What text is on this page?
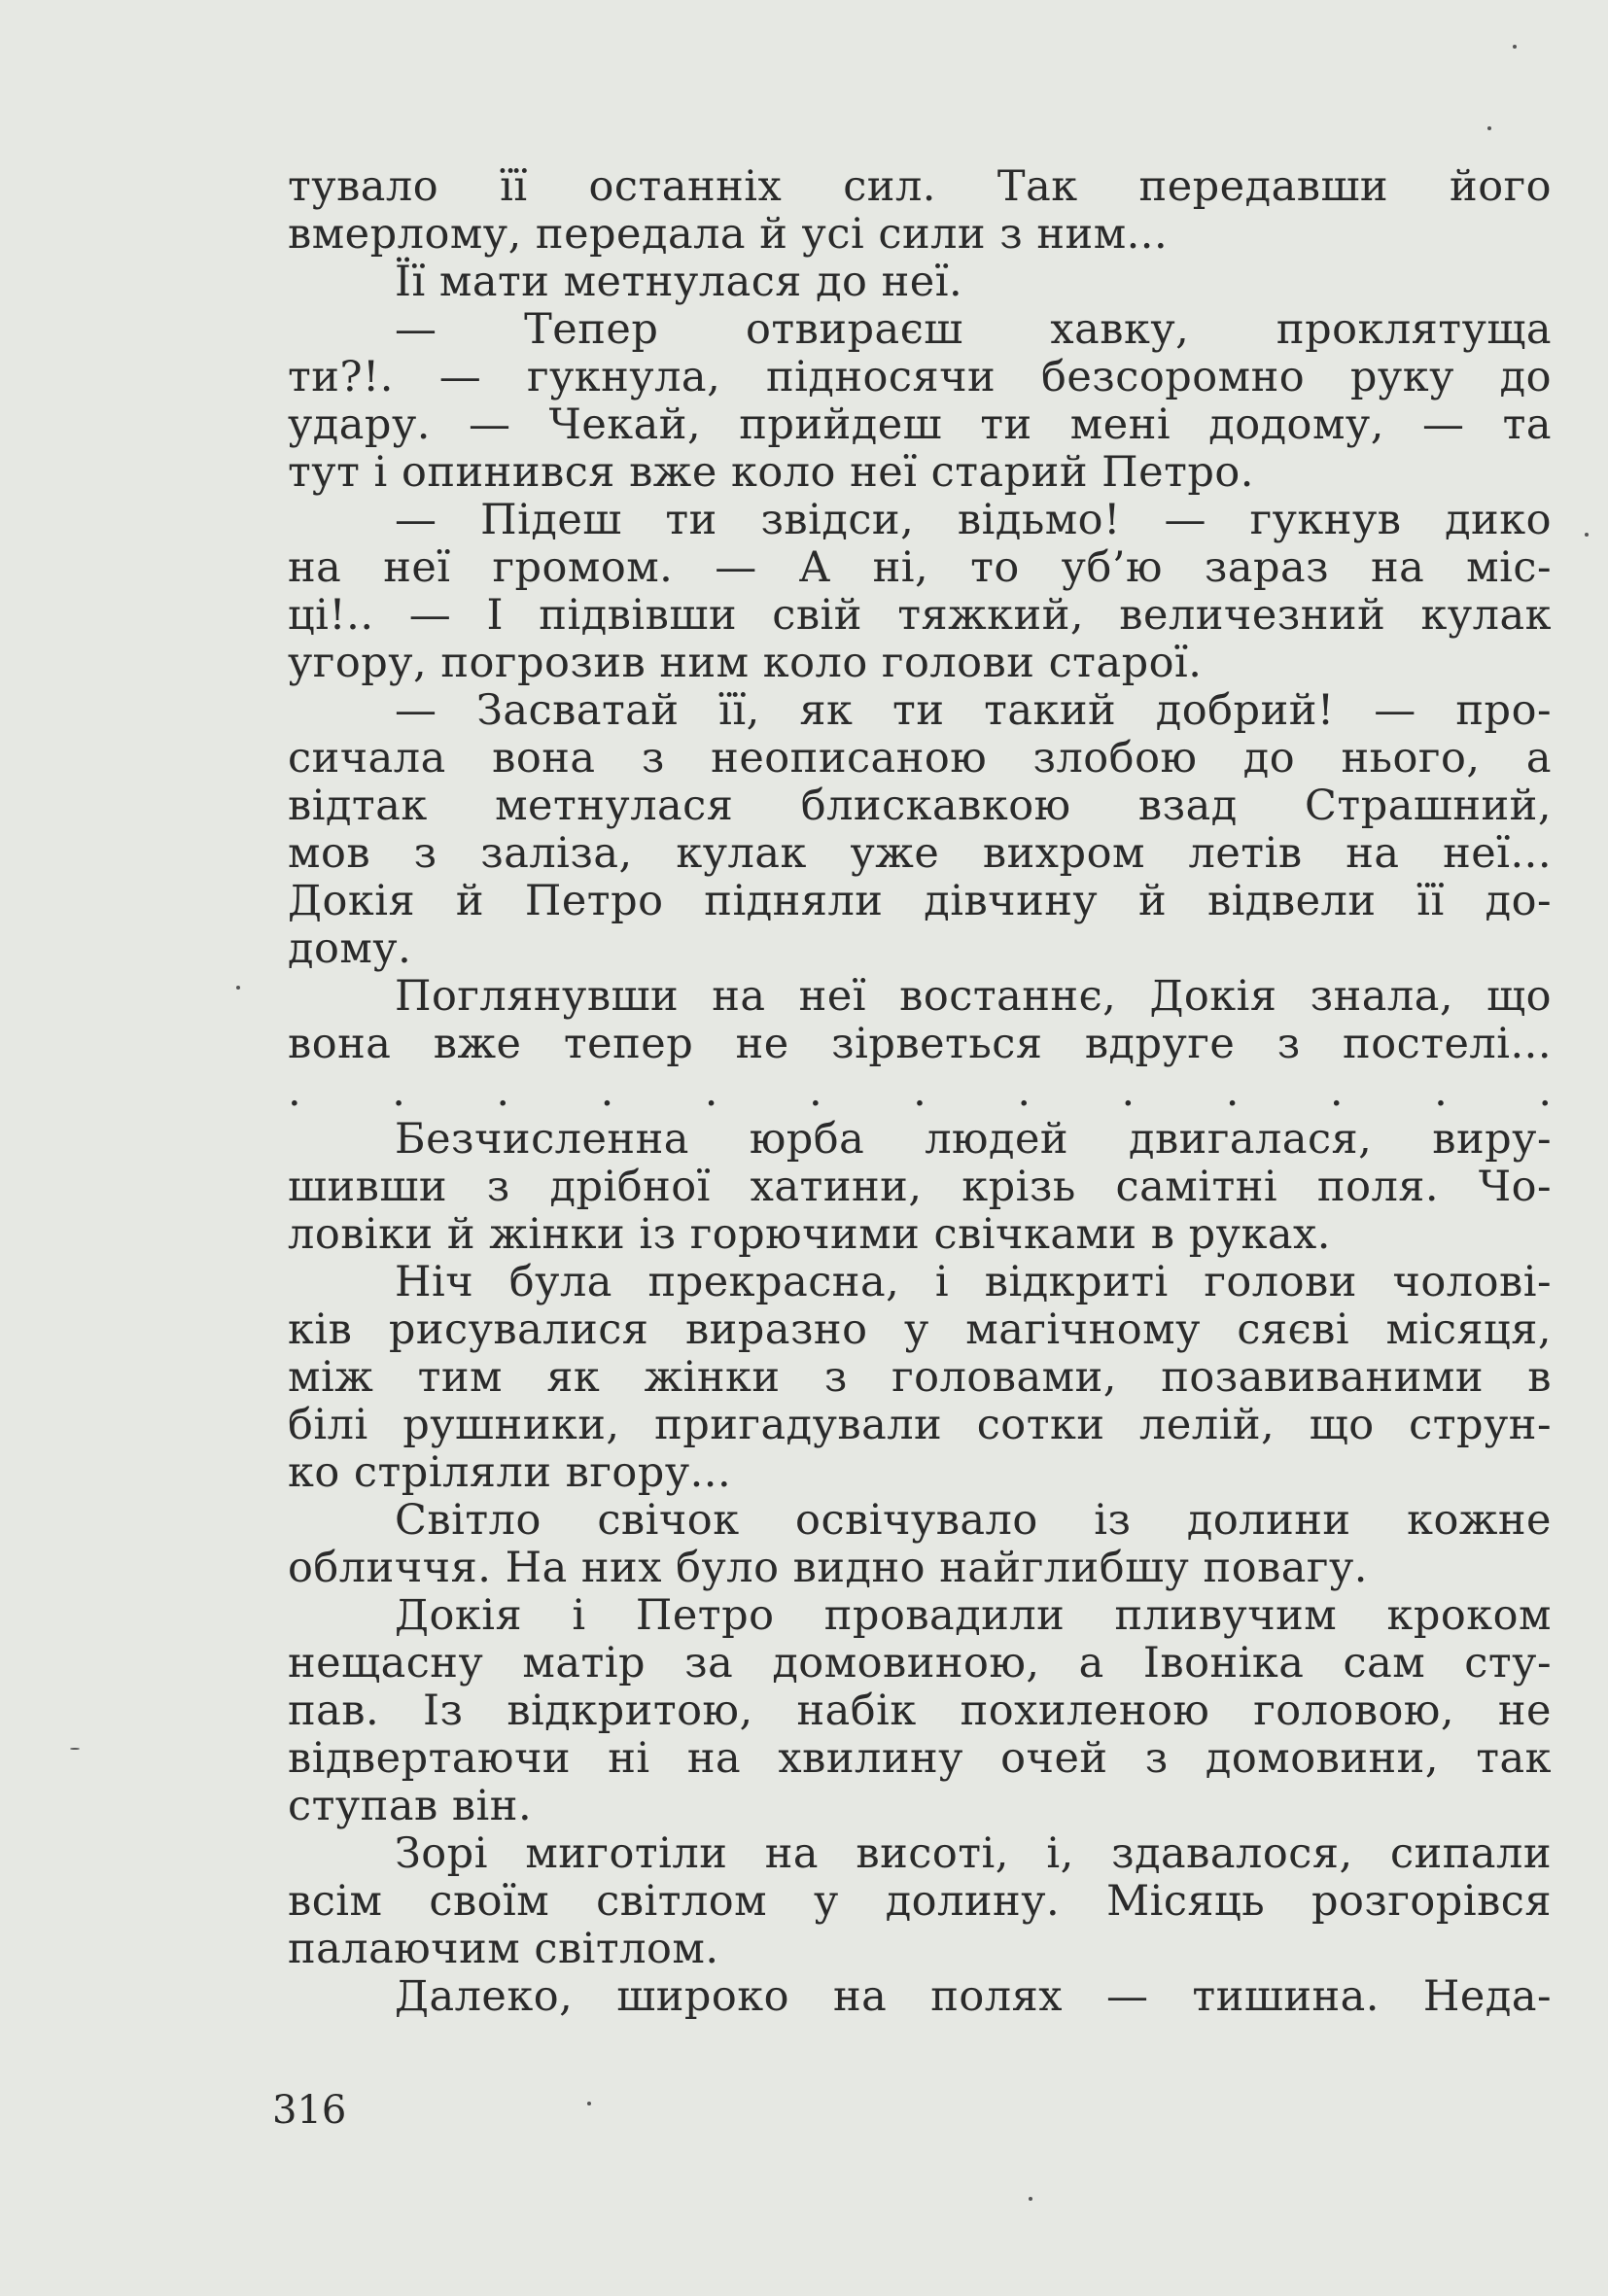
тувало її останніх сил. Так передавши його
вмерлому, передала й усі сили з ним...
Її мати метнулася до неї.
— Тепер отвираєш хавку, проклятуща
ти?!. — гукнула, підносячи безсоромно руку до
удару. — Чекай, прийдеш ти мені додому, — та
тут і опинився вже коло неї старий Петро.
— Підеш ти звідси, відьмо! — гукнув дико
на неї громом. — А ні, то уб’ю зараз на міс-
ці!.. — І підвівши свій тяжкий, величезний кулак
угору, погрозив ним коло голови старої.
— Засватай її, як ти такий добрий! — про-
сичала вона з неописаною злобою до нього, а
відтак метнулася блискавкою взад Страшний,
мов з заліза, кулак уже вихром летів на неї...
Докія й Петро підняли дівчину й відвели її до-
дому.
Поглянувши на неї востаннє, Докія знала, що
вона вже тепер не зірветься вдруге з постелі...
. . . . . . . . . . . . .
Безчисленна юрба людей двигалася, виру-
шивши з дрібної хатини, крізь самітні поля. Чо-
ловіки й жінки із горючими свічками в руках.
Ніч була прекрасна, і відкриті голови чолові-
ків рисувалися виразно у магічному сяєві місяця,
між тим як жінки з головами, позавиваними в
білі рушники, пригадували сотки лелій, що струн-
ко стріляли вгору...
Світло свічок освічувало із долини кожне
обличчя. На них було видно найглибшу повагу.
Докія і Петро провадили пливучим кроком
нещасну матір за домовиною, а Івоніка сам сту-
пав. Із відкритою, набік похиленою головою, не
відвертаючи ні на хвилину очей з домовини, так
ступав він.
Зорі миготіли на висоті, і, здавалося, сипали
всім своїм світлом у долину. Місяць розгорівся
палаючим світлом.
Далеко, широко на полях — тишина. Неда-
316
